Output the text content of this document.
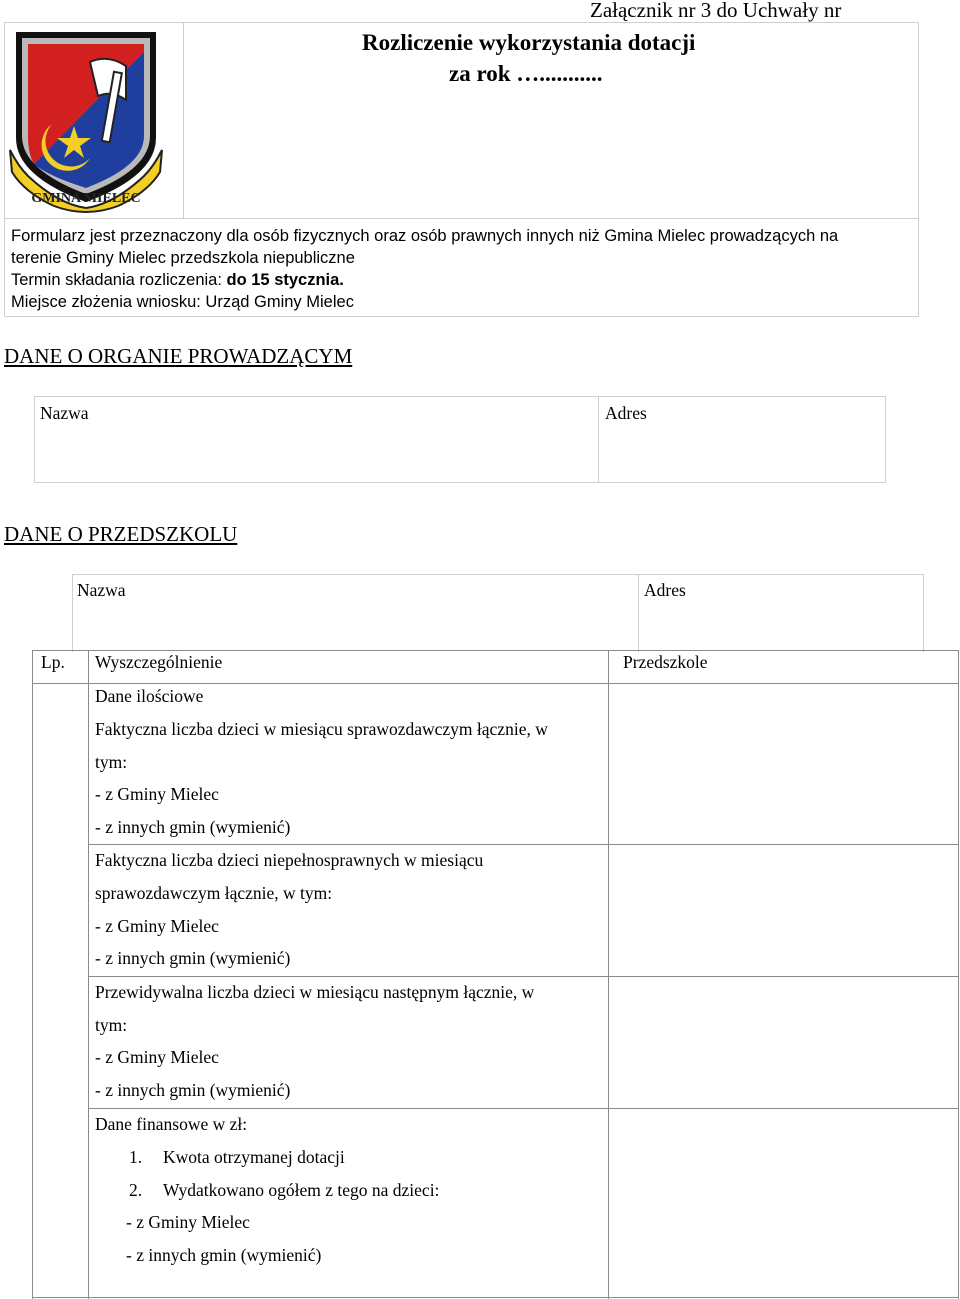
Załącznik nr 3 do Uchwały nr
GMINA MIELEC
Rozliczenie wykorzystania dotacji
za rok …...........
Formularz jest przeznaczony dla osób fizycznych oraz osób prawnych innych niż Gmina Mielec prowadzących na
terenie Gminy Mielec przedszkola niepubliczne
Termin składania rozliczenia: do 15 stycznia.
Miejsce złożenia wniosku: Urząd Gminy Mielec
DANE O ORGANIE PROWADZĄCYM
Nazwa	Adres
DANE O PRZEDSZKOLU
Nazwa	Adres
Lp. Wyszczególnienie	Przedszkole
Dane ilościowe
Faktyczna liczba dzieci w miesiącu sprawozdawczym łącznie, w
tym:
- z Gminy Mielec
- z innych gmin (wymienić)
Faktyczna liczba dzieci niepełnosprawnych w miesiącu
sprawozdawczym łącznie, w tym:
- z Gminy Mielec
- z innych gmin (wymienić)
Przewidywalna liczba dzieci w miesiącu następnym łącznie, w
tym:
- z Gminy Mielec
- z innych gmin (wymienić)
Dane finansowe w zł:
1. Kwota otrzymanej dotacji
2. Wydatkowano ogółem z tego na dzieci:
- z Gminy Mielec
- z innych gmin (wymienić)
